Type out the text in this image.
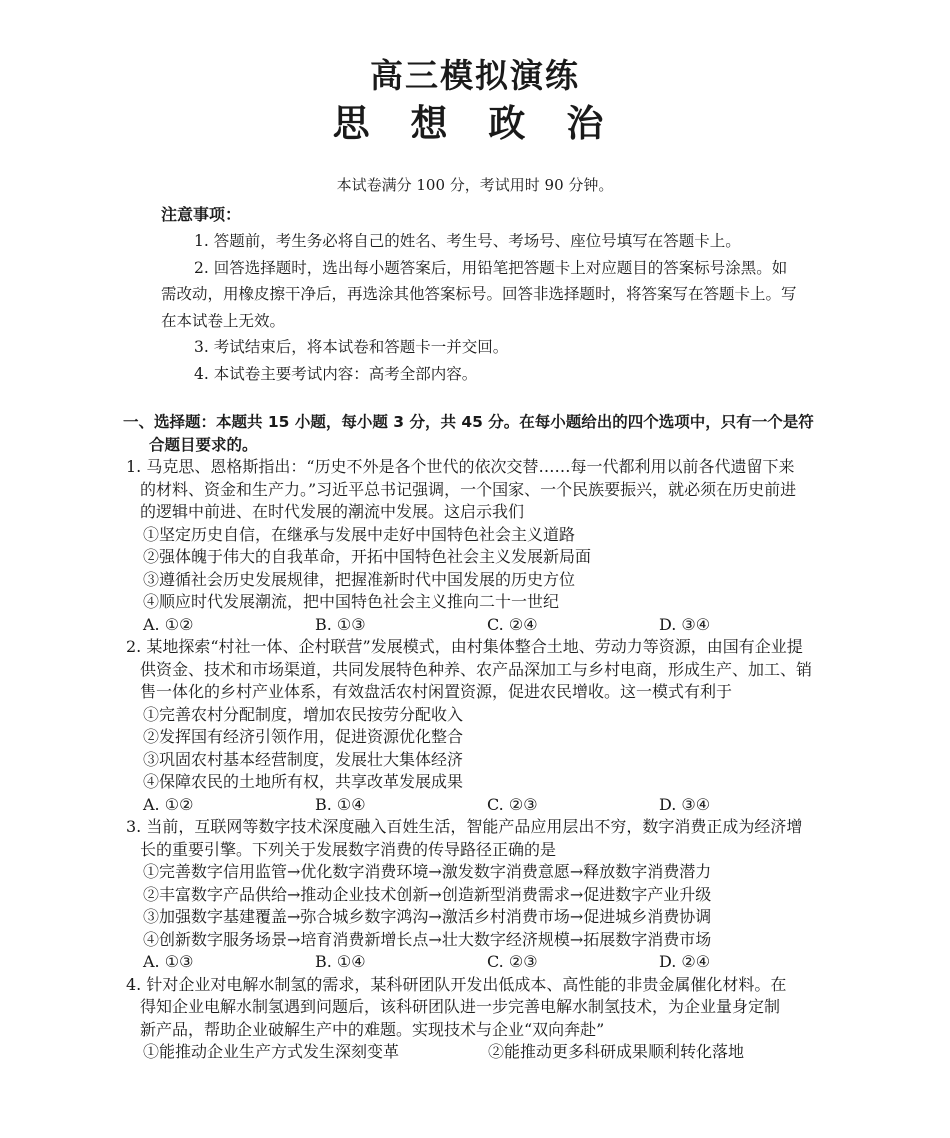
高三模拟演练
思 想 政 治
本试卷满分 100 分，考试用时 90 分钟。
注意事项：

1. 答题前，考生务必将自己的姓名、考生号、考场号、座位号填写在答题卡上。

2. 回答选择题时，选出每小题答案后，用铅笔把答题卡上对应题目的答案标号涂黑。如需改动，用橡皮擦干净后，再选涂其他答案标号。回答非选择题时，将答案写在答题卡上。写在本试卷上无效。

3. 考试结束后，将本试卷和答题卡一并交回。

4. 本试卷主要考试内容：高考全部内容。

一、选择题：本题共 15 小题，每小题 3 分，共 45 分。在每小题给出的四个选项中，只有一个是符
合题目要求的。
1. 马克思、恩格斯指出：“历史不外是各个世代的依次交替……每一代都利用以前各代遗留下来
的材料、资金和生产力。”习近平总书记强调，一个国家、一个民族要振兴，就必须在历史前进
的逻辑中前进、在时代发展的潮流中发展。这启示我们
①坚定历史自信，在继承与发展中走好中国特色社会主义道路
②强体魄于伟大的自我革命，开拓中国特色社会主义发展新局面
③遵循社会历史发展规律，把握准新时代中国发展的历史方位
④顺应时代发展潮流，把中国特色社会主义推向二十一世纪
A. ①②	B. ①③	C. ②④	D. ③④
2. 某地探索“村社一体、企村联营”发展模式，由村集体整合土地、劳动力等资源，由国有企业提
供资金、技术和市场渠道，共同发展特色种养、农产品深加工与乡村电商，形成生产、加工、销
售一体化的乡村产业体系，有效盘活农村闲置资源，促进农民增收。这一模式有利于
①完善农村分配制度，增加农民按劳分配收入
②发挥国有经济引领作用，促进资源优化整合
③巩固农村基本经营制度，发展壮大集体经济
④保障农民的土地所有权，共享改革发展成果
A. ①②	B. ①④	C. ②③	D. ③④
3. 当前，互联网等数字技术深度融入百姓生活，智能产品应用层出不穷，数字消费正成为经济增
长的重要引擎。下列关于发展数字消费的传导路径正确的是
①完善数字信用监管→优化数字消费环境→激发数字消费意愿→释放数字消费潜力
②丰富数字产品供给→推动企业技术创新→创造新型消费需求→促进数字产业升级
③加强数字基建覆盖→弥合城乡数字鸿沟→激活乡村消费市场→促进城乡消费协调
④创新数字服务场景→培育消费新增长点→壮大数字经济规模→拓展数字消费市场
A. ①③	B. ①④	C. ②③	D. ②④
4. 针对企业对电解水制氢的需求，某科研团队开发出低成本、高性能的非贵金属催化材料。在
得知企业电解水制氢遇到问题后，该科研团队进一步完善电解水制氢技术，为企业量身定制
新产品，帮助企业破解生产中的难题。实现技术与企业“双向奔赴”
①能推动企业生产方式发生深刻变革	②能推动更多科研成果顺利转化落地
